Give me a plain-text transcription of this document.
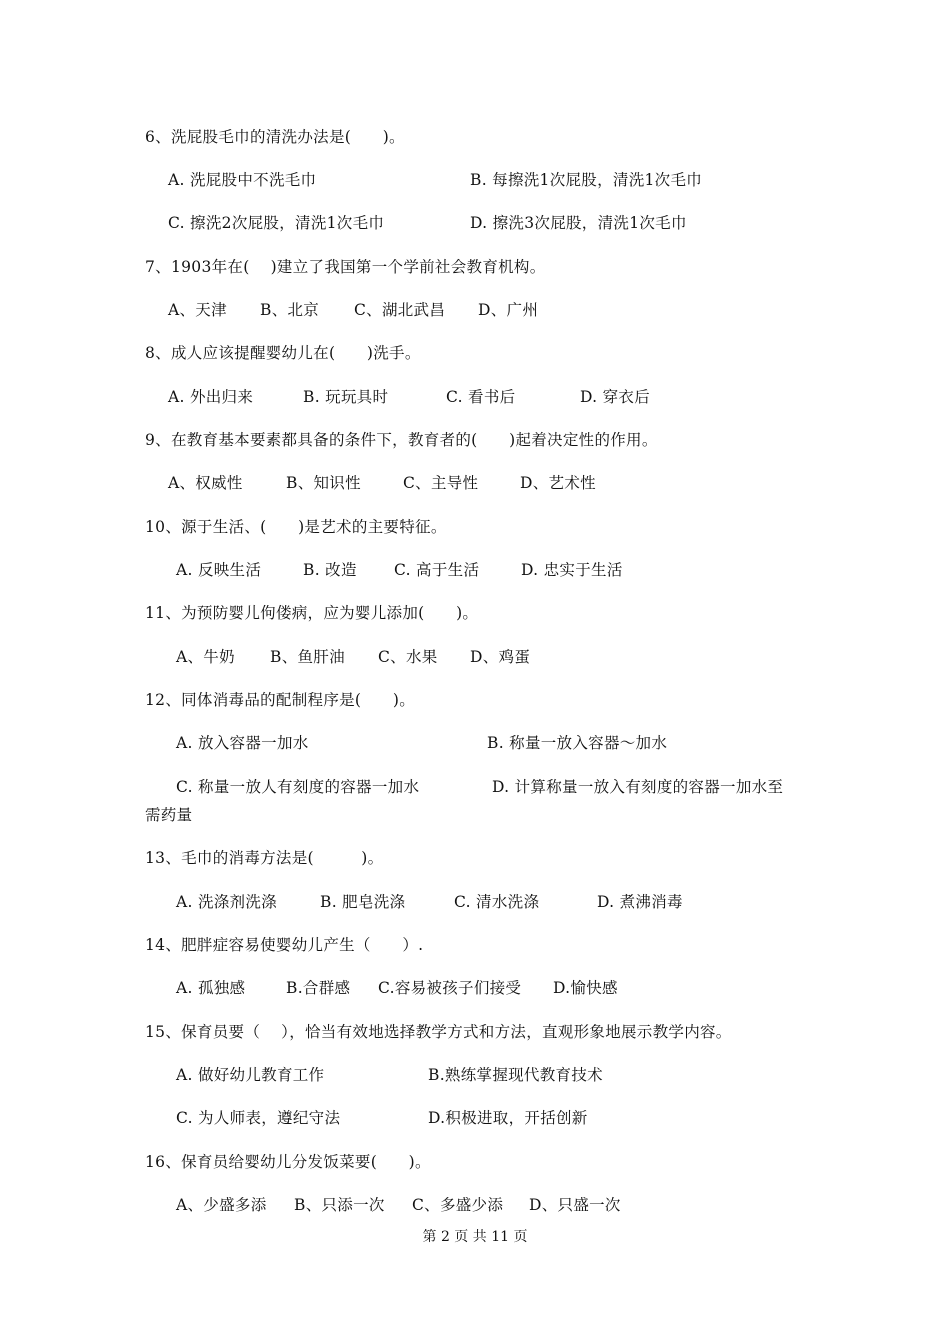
6、洗屁股毛巾的清洗办法是(　　)。
A. 洗屁股中不洗毛巾	B. 每擦洗1次屁股，清洗1次毛巾
C. 擦洗2次屁股，清洗1次毛巾	D. 擦洗3次屁股，清洗1次毛巾
7、1903年在(　 )建立了我国第一个学前社会教育机构。
A、天津 B、北京 C、湖北武昌 D、广州
8、成人应该提醒婴幼儿在(　　)洗手。
A. 外出归来	B. 玩玩具时	C. 看书后	D. 穿衣后
9、在教育基本要素都具备的条件下，教育者的(　　)起着决定性的作用。
A、权威性	B、知识性	C、主导性	D、艺术性
10、源于生活、(　　)是艺术的主要特征。
A. 反映生活	B. 改造 C. 高于生活	D. 忠实于生活
11、为预防婴儿佝偻病，应为婴儿添加(　　)。
A、牛奶 B、鱼肝油 C、水果 D、鸡蛋
12、同体消毒品的配制程序是(　　)。
A. 放入容器一加水	B. 称量一放入容器～加水
C. 称量一放人有刻度的容器一加水	D. 计算称量一放入有刻度的容器一加水至
需药量
13、毛巾的消毒方法是(　　　)。
A. 洗涤剂洗涤	B. 肥皂洗涤	C. 清水洗涤	D. 煮沸消毒
14、肥胖症容易使婴幼儿产生（　　）.
A. 孤独感	B.合群感 C.容易被孩子们接受 D.愉快感
15、保育员要（　 ），恰当有效地选择教学方式和方法，直观形象地展示教学内容。
A. 做好幼儿教育工作	B.熟练掌握现代教育技术
C. 为人师表，遵纪守法	D.积极进取，开括创新
16、保育员给婴幼儿分发饭菜要(　　)。
A、少盛多添 B、只添一次 C、多盛少添 D、只盛一次
第 2 页 共 11 页
